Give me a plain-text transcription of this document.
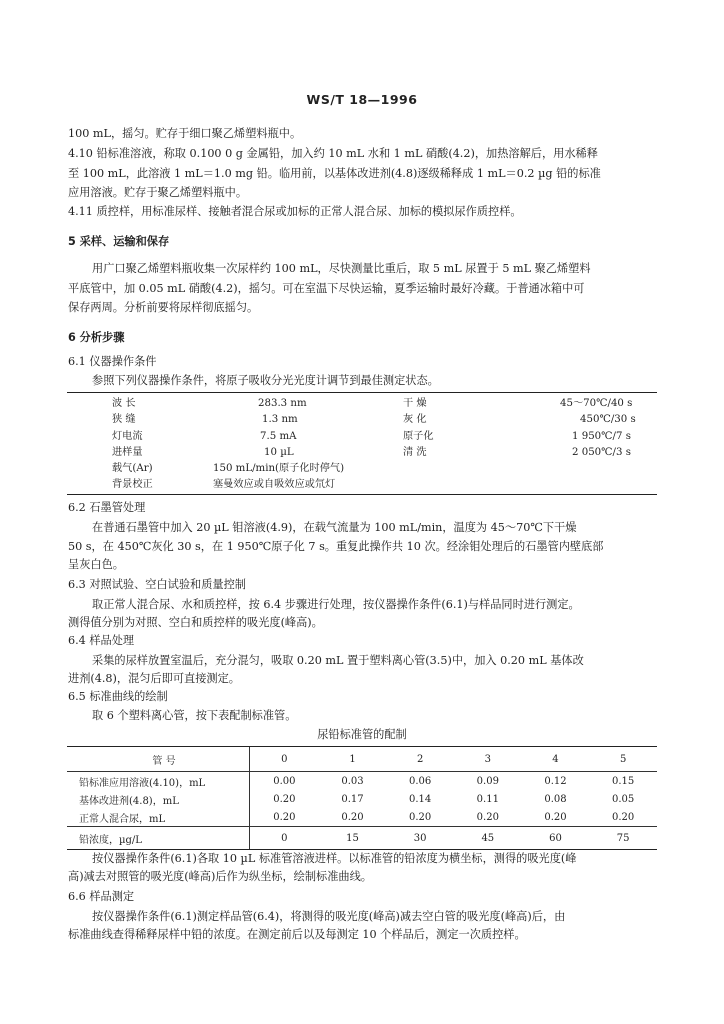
WS/T 18—1996
100 mL，摇匀。贮存于细口聚乙烯塑料瓶中。
4.10 铅标准溶液，称取 0.100 0 g 金属铅，加入约 10 mL 水和 1 mL 硝酸(4.2)，加热溶解后，用水稀释
至 100 mL，此溶液 1 mL＝1.0 mg 铅。临用前，以基体改进剂(4.8)逐级稀释成 1 mL＝0.2 µg 铅的标准
应用溶液。贮存于聚乙烯塑料瓶中。
4.11 质控样，用标准尿样、接触者混合尿或加标的正常人混合尿、加标的模拟尿作质控样。
5 采样、运输和保存
用广口聚乙烯塑料瓶收集一次尿样约 100 mL，尽快测量比重后，取 5 mL 尿置于 5 mL 聚乙烯塑料
平底管中，加 0.05 mL 硝酸(4.2)，摇匀。可在室温下尽快运输，夏季运输时最好冷藏。于普通冰箱中可
保存两周。分析前要将尿样彻底摇匀。
6 分析步骤
6.1 仪器操作条件
参照下列仪器操作条件，将原子吸收分光光度计调节到最佳测定状态。
波 长	283.3 nm	干 燥	45～70℃/40 s
狭 缝	1.3 nm	灰 化	450℃/30 s
灯电流	7.5 mA	原子化	1 950℃/7 s
进样量	10 µL	清 洗	2 050℃/3 s
载气(Ar)	150 mL/min(原子化时停气)
背景校正	塞曼效应或自吸效应或氘灯
6.2 石墨管处理
在普通石墨管中加入 20 µL 钼溶液(4.9)，在载气流量为 100 mL/min，温度为 45～70℃下干燥
50 s，在 450℃灰化 30 s，在 1 950℃原子化 7 s。重复此操作共 10 次。经涂钼处理后的石墨管内壁底部
呈灰白色。
6.3 对照试验、空白试验和质量控制
取正常人混合尿、水和质控样，按 6.4 步骤进行处理，按仪器操作条件(6.1)与样品同时进行测定。
测得值分别为对照、空白和质控样的吸光度(峰高)。
6.4 样品处理
采集的尿样放置室温后，充分混匀，吸取 0.20 mL 置于塑料离心管(3.5)中，加入 0.20 mL 基体改
进剂(4.8)，混匀后即可直接测定。
6.5 标准曲线的绘制
取 6 个塑料离心管，按下表配制标准管。
尿铅标准管的配制
管 号	0	1	2	3	4	5
铅标准应用溶液(4.10)，mL	0.00	0.03	0.06	0.09	0.12	0.15
基体改进剂(4.8)，mL	0.20	0.17	0.14	0.11	0.08	0.05
正常人混合尿，mL	0.20	0.20	0.20	0.20	0.20	0.20
铅浓度，µg/L	0	15	30	45	60	75
按仪器操作条件(6.1)各取 10 µL 标准管溶液进样。以标准管的铅浓度为横坐标，测得的吸光度(峰
高)减去对照管的吸光度(峰高)后作为纵坐标，绘制标准曲线。
6.6 样品测定
按仪器操作条件(6.1)测定样品管(6.4)，将测得的吸光度(峰高)减去空白管的吸光度(峰高)后，由
标准曲线查得稀释尿样中铅的浓度。在测定前后以及每测定 10 个样品后，测定一次质控样。
